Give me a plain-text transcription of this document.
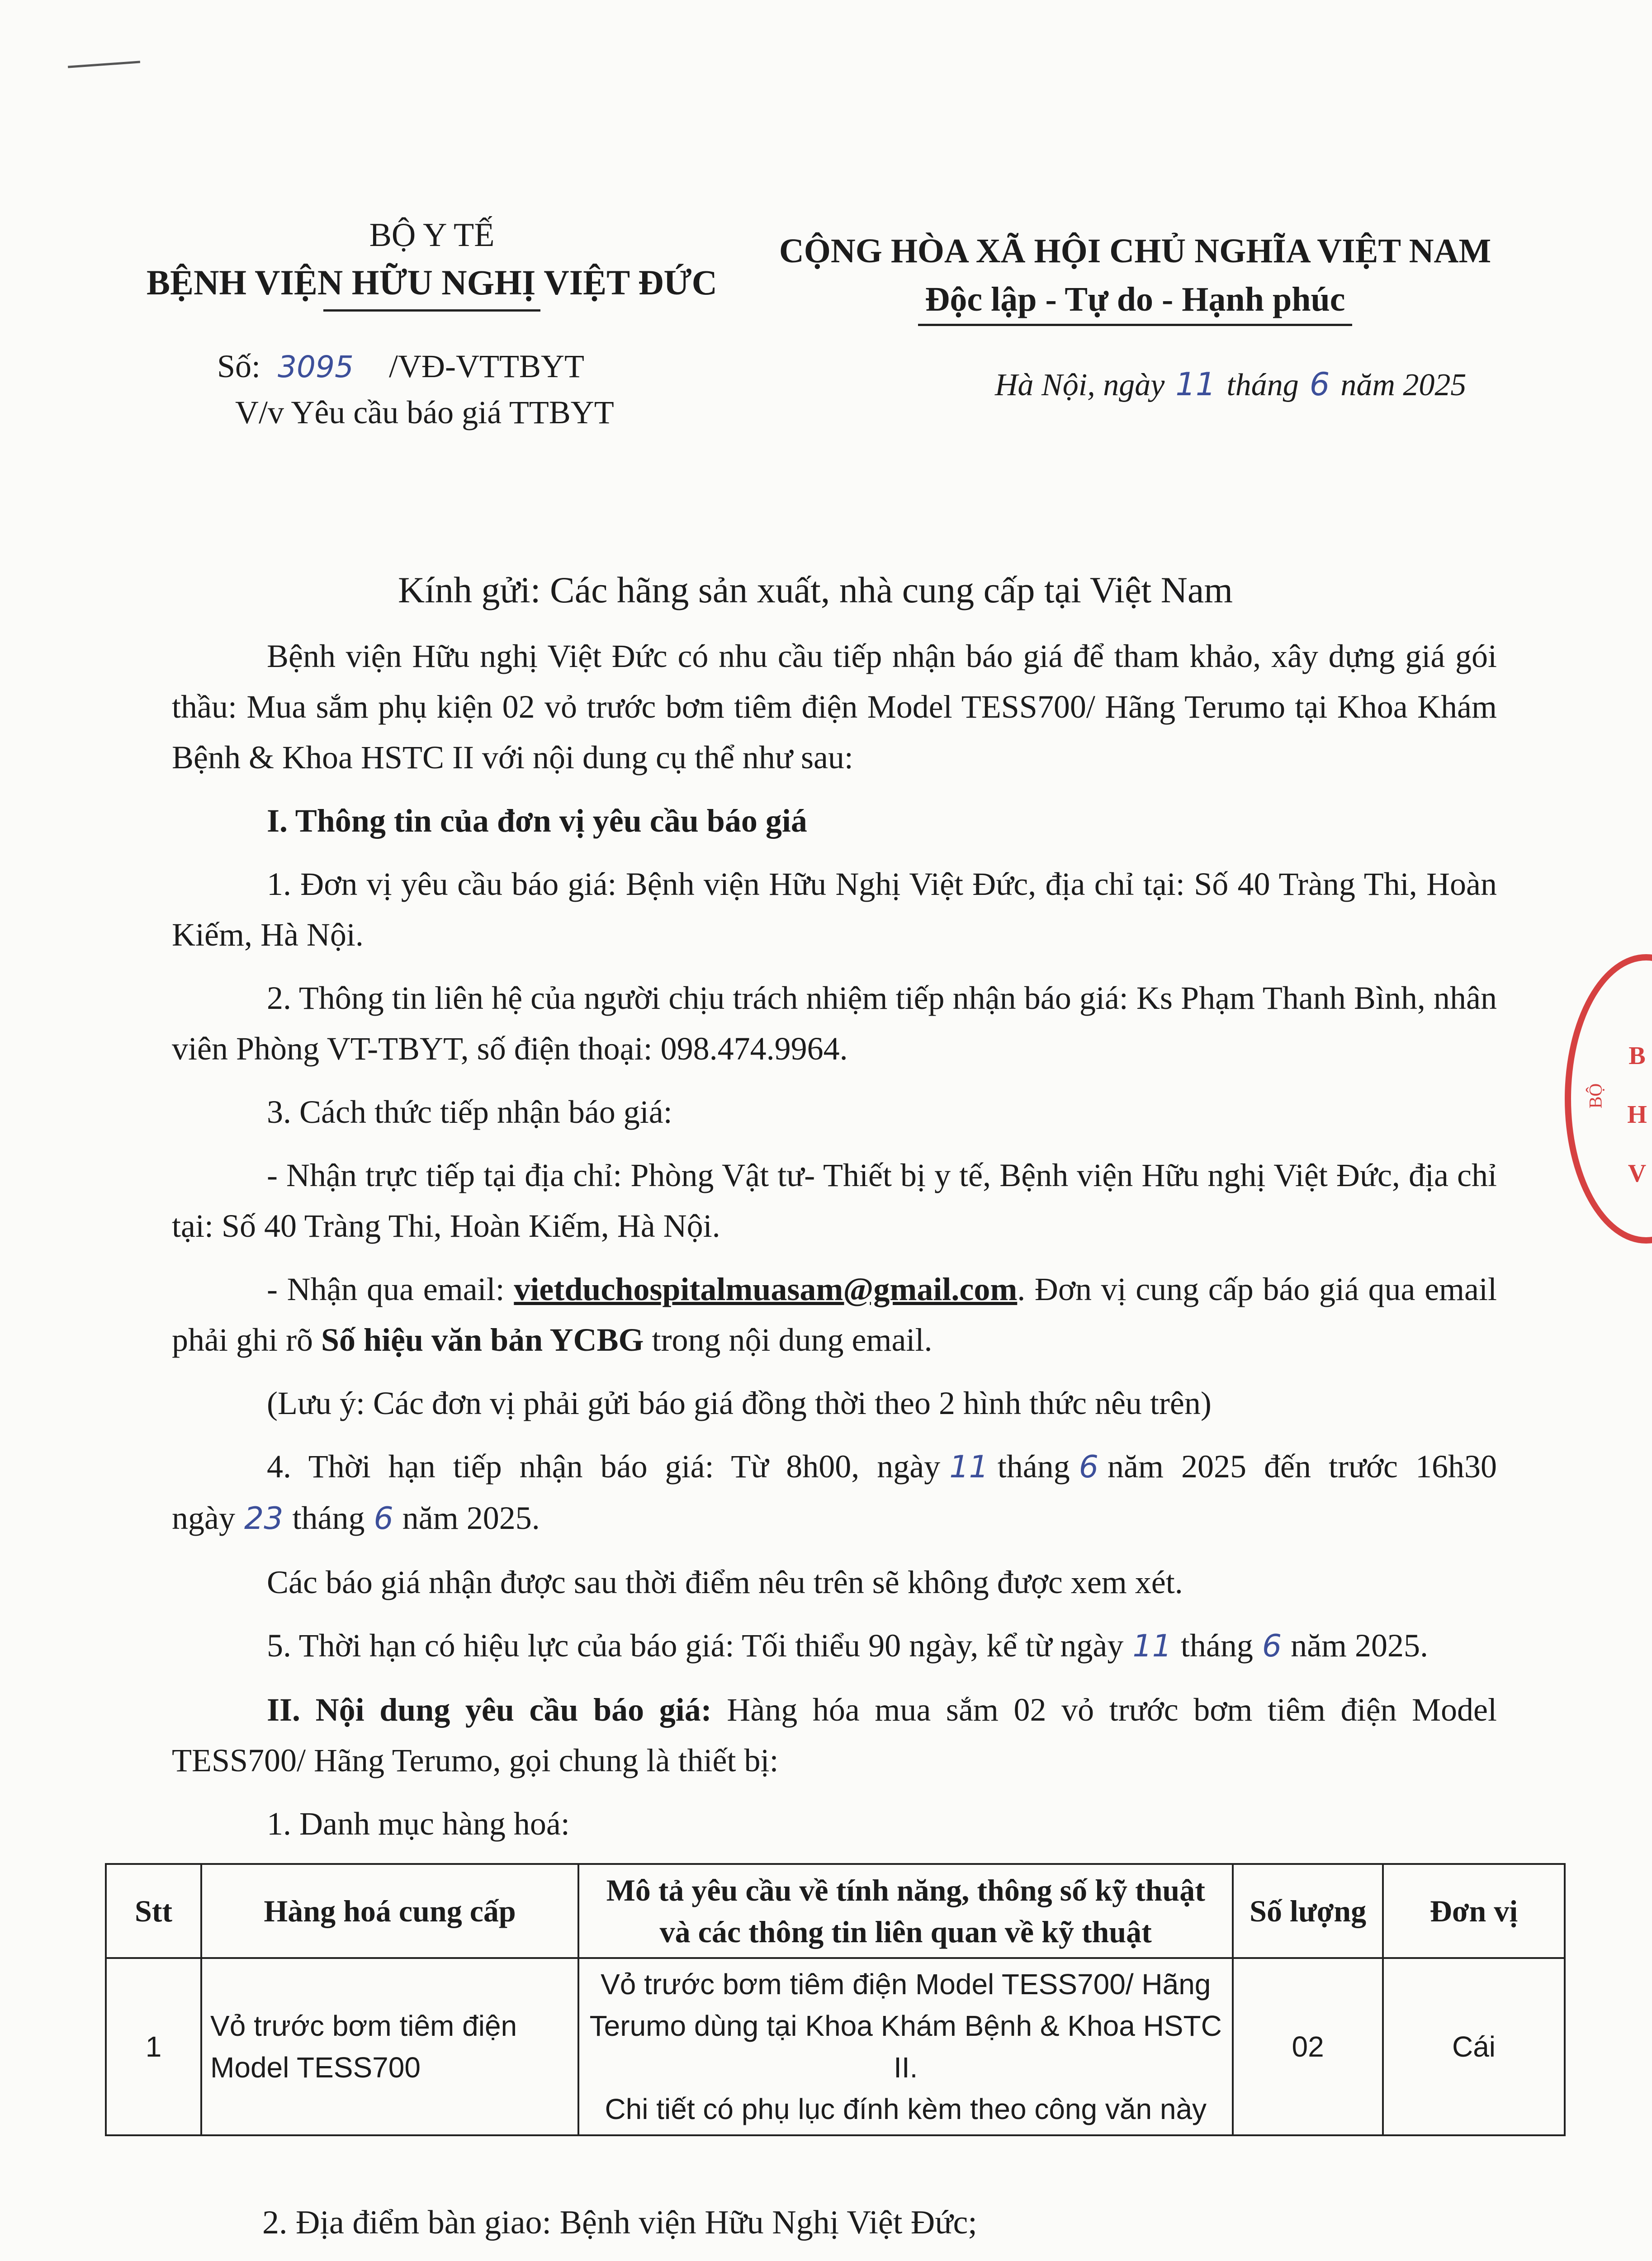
BỘ Y TẾ
BỆNH VIỆN HỮU NGHỊ VIỆT ĐỨC
CỘNG HÒA XÃ HỘI CHỦ NGHĨA VIỆT NAM
Độc lập - Tự do - Hạnh phúc
Số: 3095 /VĐ-VTTBYT
V/v Yêu cầu báo giá TTBYT
Hà Nội, ngày 11 tháng 6 năm 2025
Kính gửi: Các hãng sản xuất, nhà cung cấp tại Việt Nam

Bệnh viện Hữu nghị Việt Đức có nhu cầu tiếp nhận báo giá để tham khảo, xây dựng giá gói thầu: Mua sắm phụ kiện 02 vỏ trước bơm tiêm điện Model TESS700/ Hãng Terumo tại Khoa Khám Bệnh & Khoa HSTC II với nội dung cụ thể như sau:

I. Thông tin của đơn vị yêu cầu báo giá

1. Đơn vị yêu cầu báo giá: Bệnh viện Hữu Nghị Việt Đức, địa chỉ tại: Số 40 Tràng Thi, Hoàn Kiếm, Hà Nội.

2. Thông tin liên hệ của người chịu trách nhiệm tiếp nhận báo giá: Ks Phạm Thanh Bình, nhân viên Phòng VT-TBYT, số điện thoại: 098.474.9964.

3. Cách thức tiếp nhận báo giá:

- Nhận trực tiếp tại địa chỉ: Phòng Vật tư- Thiết bị y tế, Bệnh viện Hữu nghị Việt Đức, địa chỉ tại: Số 40 Tràng Thi, Hoàn Kiếm, Hà Nội.

- Nhận qua email: vietduchospitalmuasam@gmail.com. Đơn vị cung cấp báo giá qua email phải ghi rõ Số hiệu văn bản YCBG trong nội dung email.

(Lưu ý: Các đơn vị phải gửi báo giá đồng thời theo 2 hình thức nêu trên)

4. Thời hạn tiếp nhận báo giá: Từ 8h00, ngày 11 tháng 6 năm 2025 đến trước 16h30 ngày 23 tháng 6 năm 2025.

Các báo giá nhận được sau thời điểm nêu trên sẽ không được xem xét.

5. Thời hạn có hiệu lực của báo giá: Tối thiểu 90 ngày, kể từ ngày 11 tháng 6 năm 2025.

II. Nội dung yêu cầu báo giá: Hàng hóa mua sắm 02 vỏ trước bơm tiêm điện Model TESS700/ Hãng Terumo, gọi chung là thiết bị:

1. Danh mục hàng hoá:

Stt	Hàng hoá cung cấp	Mô tả yêu cầu về tính năng, thông số kỹ thuật và các thông tin liên quan về kỹ thuật	Số lượng	Đơn vị
1	Vỏ trước bơm tiêm điện Model TESS700	Vỏ trước bơm tiêm điện Model TESS700/ Hãng Terumo dùng tại Khoa Khám Bệnh & Khoa HSTC II.
Chi tiết có phụ lục đính kèm theo công văn này	02	Cái
2. Địa điểm bàn giao: Bệnh viện Hữu Nghị Việt Đức;
B
H
V
BỘ
